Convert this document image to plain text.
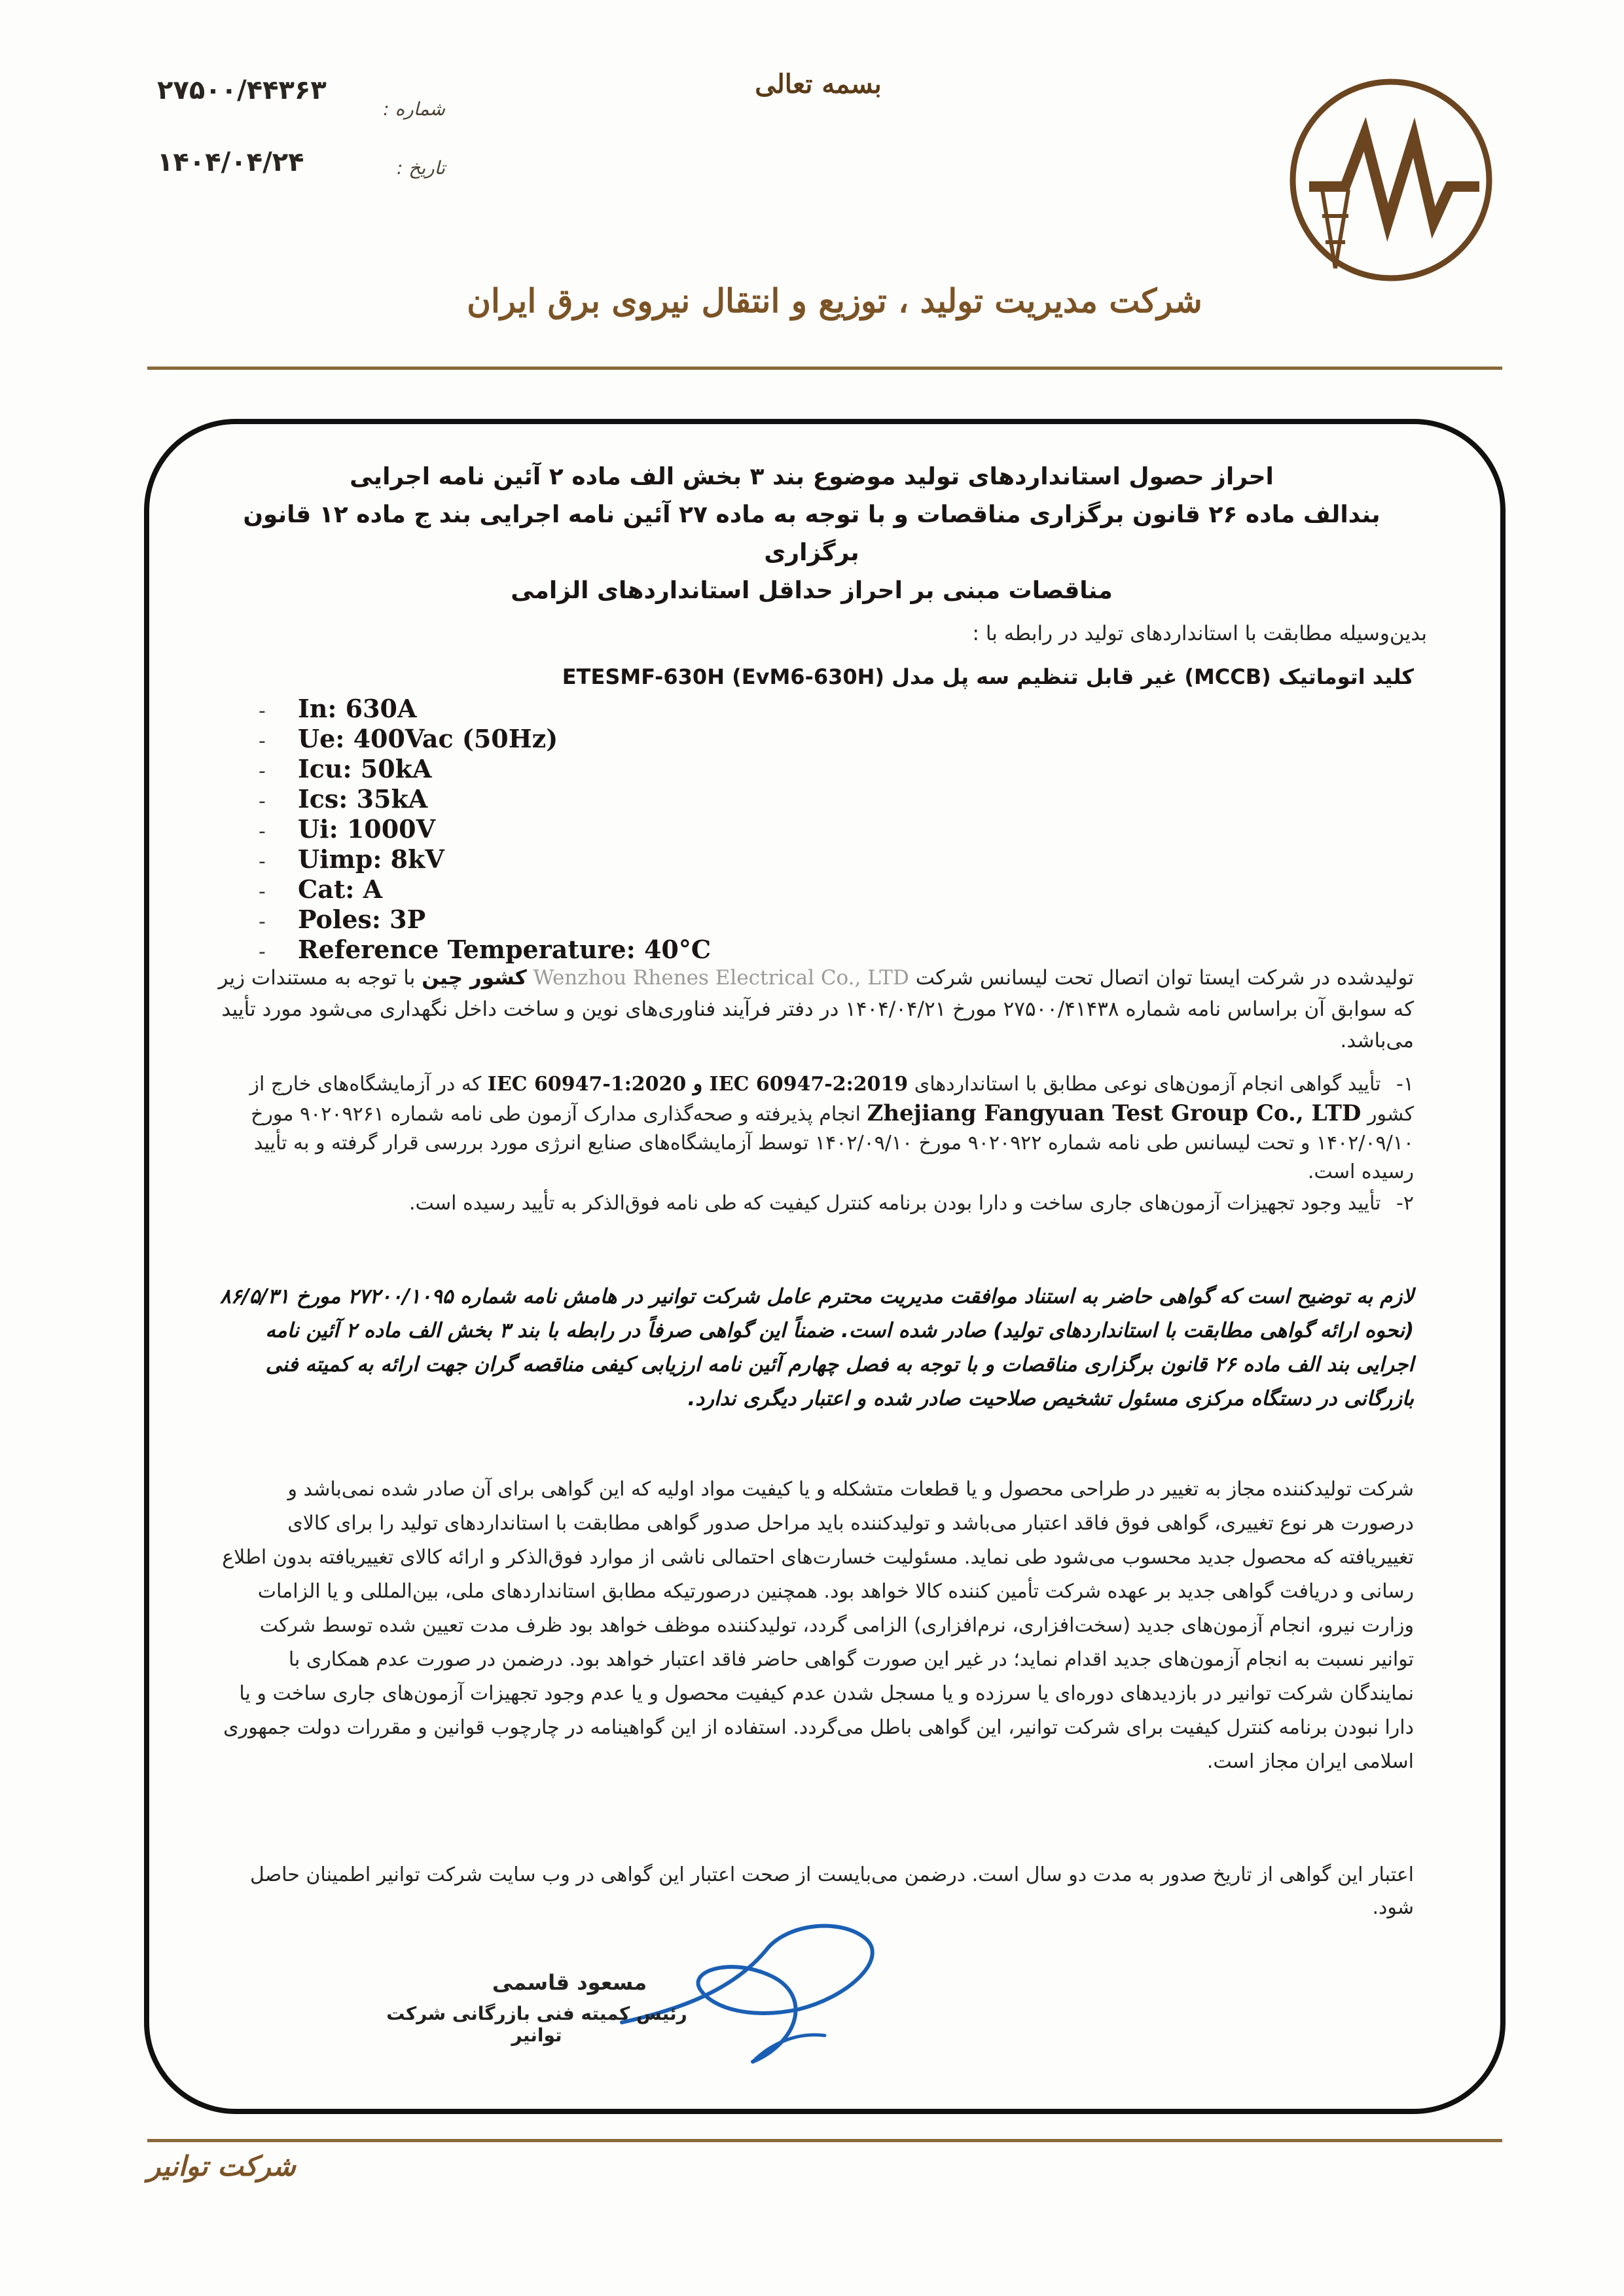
بسمه تعالی
۲۷۵۰۰/۴۴۳۶۳
شماره :
۱۴۰۴/۰۴/۲۴	تاریخ :
شرکت مدیریت تولید ، توزیع و انتقال نیروی برق ایران
احراز حصول استانداردهای تولید موضوع بند ۳ بخش الف ماده ۲ آئین نامه اجرایی
بندالف ماده ۲۶ قانون برگزاری مناقصات و با توجه به ماده ۲۷ آئین نامه اجرایی بند ج ماده ۱۲ قانون برگزاری
مناقصات مبنی بر احراز حداقل استانداردهای الزامی
بدین‌وسیله مطابقت با استانداردهای تولید در رابطه با :
کلید اتوماتیک (MCCB) غیر قابل تنظیم سه پل مدل ETESMF-630H (EvM6-630H)
-	In: 630A
-	Ue: 400Vac (50Hz)
-	Icu: 50kA
-	Ics: 35kA
-	Ui: 1000V
-	Uimp: 8kV
-	Cat: A
-	Poles: 3P
-	Reference Temperature: 40°C
تولیدشده در شرکت ایستا توان اتصال تحت لیسانس شرکت Wenzhou Rhenes Electrical Co., LTD کشور چین با توجه به مستندات زیر که سوابق آن براساس نامه شماره ۲۷۵۰۰/۴۱۴۳۸ مورخ ۱۴۰۴/۰۴/۲۱ در دفتر فرآیند فناوری‌های نوین و ساخت داخل نگهداری می‌شود مورد تأیید می‌باشد.
۱- تأیید گواهی انجام آزمون‌های نوعی مطابق با استانداردهای IEC 60947-2:2019 و IEC 60947-1:2020 که در آزمایشگاه‌های خارج از کشور Zhejiang Fangyuan Test Group Co., LTD انجام پذیرفته و صحه‌گذاری مدارک آزمون طی نامه شماره ۹۰۲۰۹۲۶۱ مورخ ۱۴۰۲/۰۹/۱۰ و تحت لیسانس طی نامه شماره ۹۰۲۰۹۲۲ مورخ ۱۴۰۲/۰۹/۱۰ توسط آزمایشگاه‌های صنایع انرژی مورد بررسی قرار گرفته و به تأیید رسیده است.
۲- تأیید وجود تجهیزات آزمون‌های جاری ساخت و دارا بودن برنامه کنترل کیفیت که طی نامه فوق‌الذکر به تأیید رسیده است.
لازم به توضیح است که گواهی حاضر به استناد موافقت مدیریت محترم عامل شرکت توانیر در هامش نامه شماره ۲۷۲۰۰/۱۰۹۵ مورخ ۸۶/۵/۳۱ (نحوه ارائه گواهی مطابقت با استانداردهای تولید) صادر شده است. ضمناً این گواهی صرفاً در رابطه با بند ۳ بخش الف ماده ۲ آئین نامه اجرایی بند الف ماده ۲۶ قانون برگزاری مناقصات و با توجه به فصل چهارم آئین نامه ارزیابی کیفی مناقصه گران جهت ارائه به کمیته فنی بازرگانی در دستگاه مرکزی مسئول تشخیص صلاحیت صادر شده و اعتبار دیگری ندارد.
شرکت تولیدکننده مجاز به تغییر در طراحی محصول و یا قطعات متشکله و یا کیفیت مواد اولیه که این گواهی برای آن صادر شده نمی‌باشد و درصورت هر نوع تغییری، گواهی فوق فاقد اعتبار می‌باشد و تولیدکننده باید مراحل صدور گواهی مطابقت با استانداردهای تولید را برای کالای تغییریافته که محصول جدید محسوب می‌شود طی نماید. مسئولیت خسارت‌های احتمالی ناشی از موارد فوق‌الذکر و ارائه کالای تغییریافته بدون اطلاع رسانی و دریافت گواهی جدید بر عهده شرکت تأمین کننده کالا خواهد بود. همچنین درصورتیکه مطابق استانداردهای ملی، بین‌المللی و یا الزامات وزارت نیرو، انجام آزمون‌های جدید (سخت‌افزاری، نرم‌افزاری) الزامی گردد، تولیدکننده موظف خواهد بود ظرف مدت تعیین شده توسط شرکت توانیر نسبت به انجام آزمون‌های جدید اقدام نماید؛ در غیر این صورت گواهی حاضر فاقد اعتبار خواهد بود. درضمن در صورت عدم همکاری با نمایندگان شرکت توانیر در بازدیدهای دوره‌ای یا سرزده و یا مسجل شدن عدم کیفیت محصول و یا عدم وجود تجهیزات آزمون‌های جاری ساخت و یا دارا نبودن برنامه کنترل کیفیت برای شرکت توانیر، این گواهی باطل می‌گردد. استفاده از این گواهینامه در چارچوب قوانین و مقررات دولت جمهوری اسلامی ایران مجاز است.
اعتبار این گواهی از تاریخ صدور به مدت دو سال است. درضمن می‌بایست از صحت اعتبار این گواهی در وب سایت شرکت توانیر اطمینان حاصل شود.
مسعود قاسمی
رئیس کمیته فنی بازرگانی شرکت توانیر
شرکت توانیر
